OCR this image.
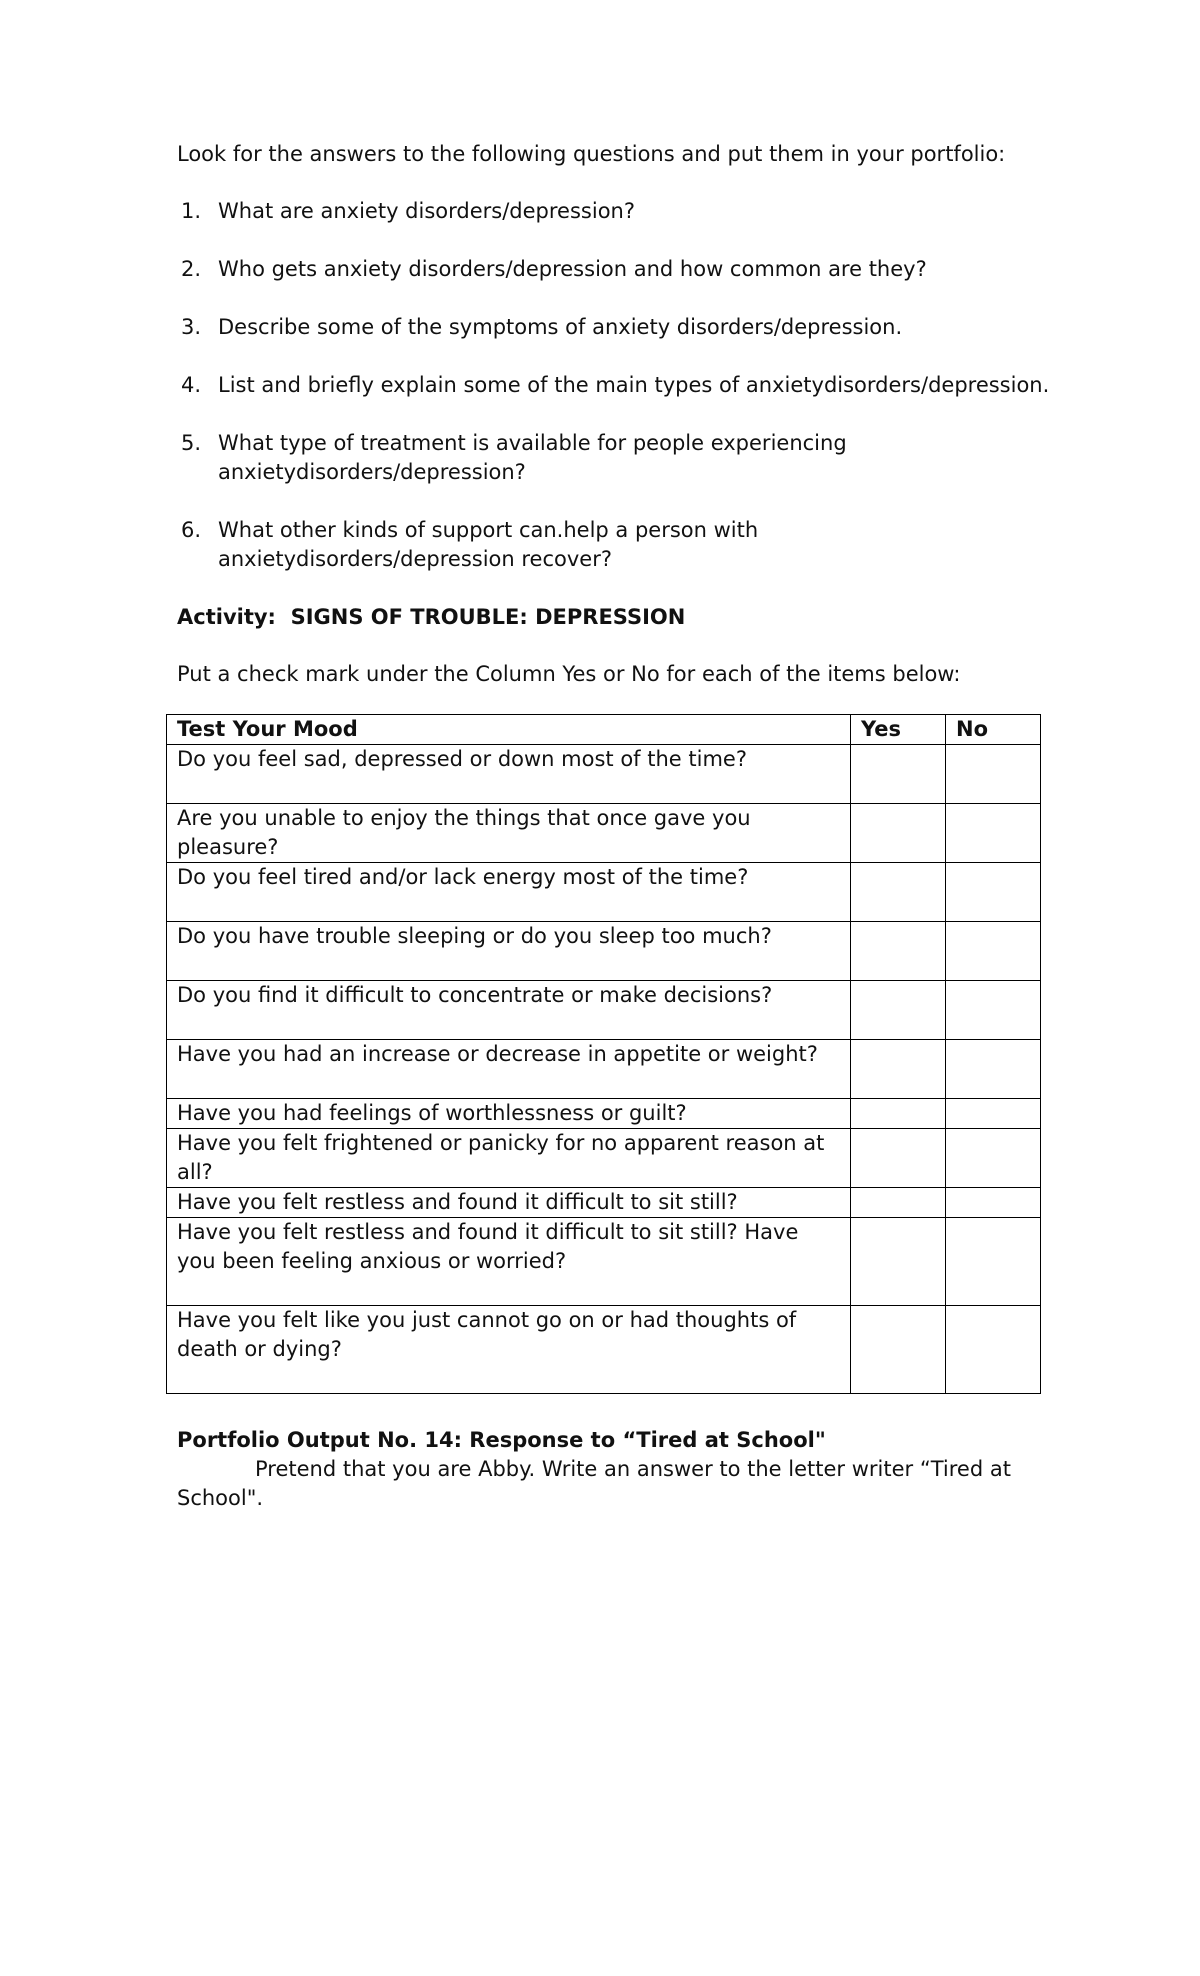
Look for the answers to the following questions and put them in your portfolio:

1. What are anxiety disorders/depression?
2. Who gets anxiety disorders/depression and how common are they?
3. Describe some of the symptoms of anxiety disorders/depression.
4. List and briefly explain some of the main types of anxietydisorders/depression.
5. What type of treatment is available for people experiencing anxietydisorders/depression?
6. What other kinds of support can.help a person with anxietydisorders/depression recover?

Activity: SIGNS OF TROUBLE: DEPRESSION

Put a check mark under the Column Yes or No for each of the items below:

Test Your Mood	Yes	No
Do you feel sad, depressed or down most of the time?		
Are you unable to enjoy the things that once gave you pleasure?		
Do you feel tired and/or lack energy most of the time?		
Do you have trouble sleeping or do you sleep too much?		
Do you find it difficult to concentrate or make decisions?		
Have you had an increase or decrease in appetite or weight?		
Have you had feelings of worthlessness or guilt?		
Have you felt frightened or panicky for no apparent reason at all?		
Have you felt restless and found it difficult to sit still?		
Have you felt restless and found it difficult to sit still? Have you been feeling anxious or worried?		
Have you felt like you just cannot go on or had thoughts of death or dying?		

Portfolio Output No. 14: Response to “Tired at School"

Pretend that you are Abby. Write an answer to the letter writer “Tired at School".
